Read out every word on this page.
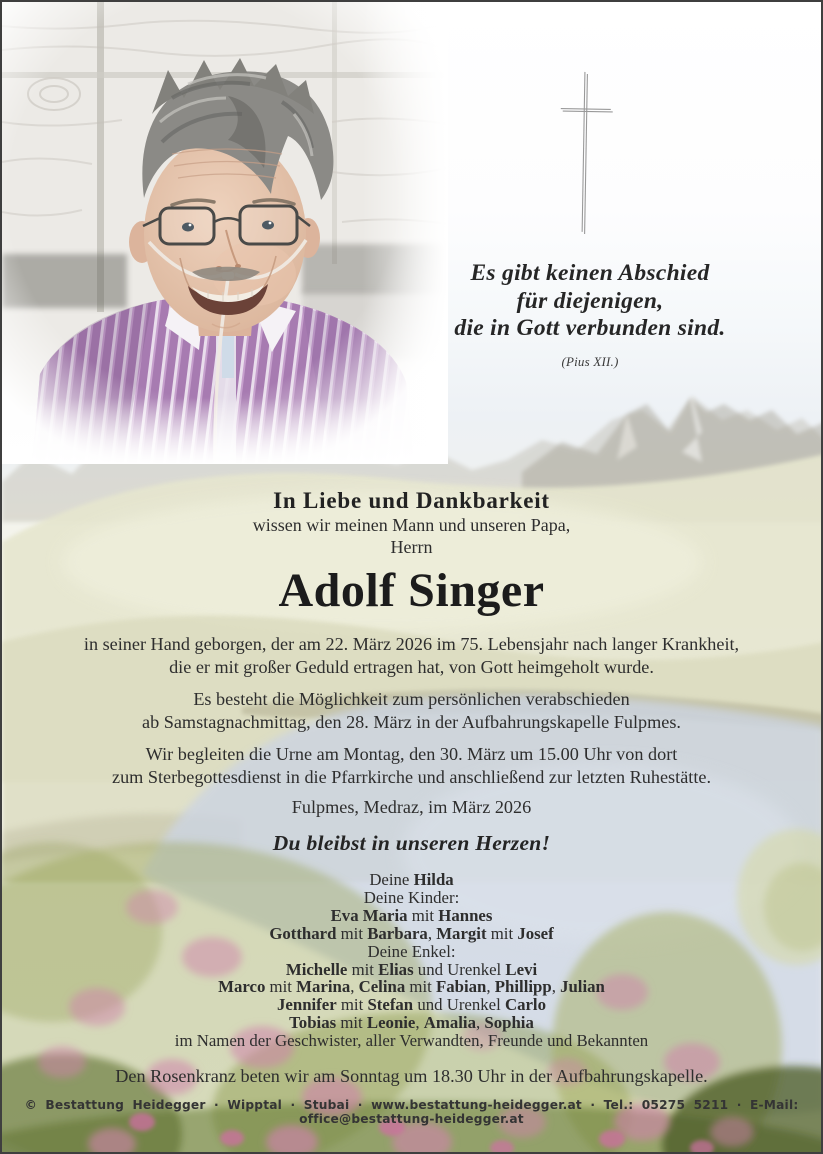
Es gibt keinen Abschied
für diejenigen,
die in Gott verbunden sind.
(Pius XII.)
In Liebe und Dankbarkeit
wissen wir meinen Mann und unseren Papa,
Herrn
Adolf Singer
in seiner Hand geborgen, der am 22. März 2026 im 75. Lebensjahr nach langer Krankheit,
die er mit großer Geduld ertragen hat, von Gott heimgeholt wurde.
Es besteht die Möglichkeit zum persönlichen verabschieden
ab Samstagnachmittag, den 28. März in der Aufbahrungskapelle Fulpmes.
Wir begleiten die Urne am Montag, den 30. März um 15.00 Uhr von dort
zum Sterbegottesdienst in die Pfarrkirche und anschließend zur letzten Ruhestätte.
Fulpmes, Medraz, im März 2026
Du bleibst in unseren Herzen!
Deine Hilda
Deine Kinder:
Eva Maria mit Hannes
Gotthard mit Barbara, Margit mit Josef
Deine Enkel:
Michelle mit Elias und Urenkel Levi
Marco mit Marina, Celina mit Fabian, Phillipp, Julian
Jennifer mit Stefan und Urenkel Carlo
Tobias mit Leonie, Amalia, Sophia
im Namen der Geschwister, aller Verwandten, Freunde und Bekannten
Den Rosenkranz beten wir am Sonntag um 18.30 Uhr in der Aufbahrungskapelle.
© Bestattung Heidegger · Wipptal · Stubai · www.bestattung-heidegger.at · Tel.: 05275 5211 · E-Mail: office@bestattung-heidegger.at
